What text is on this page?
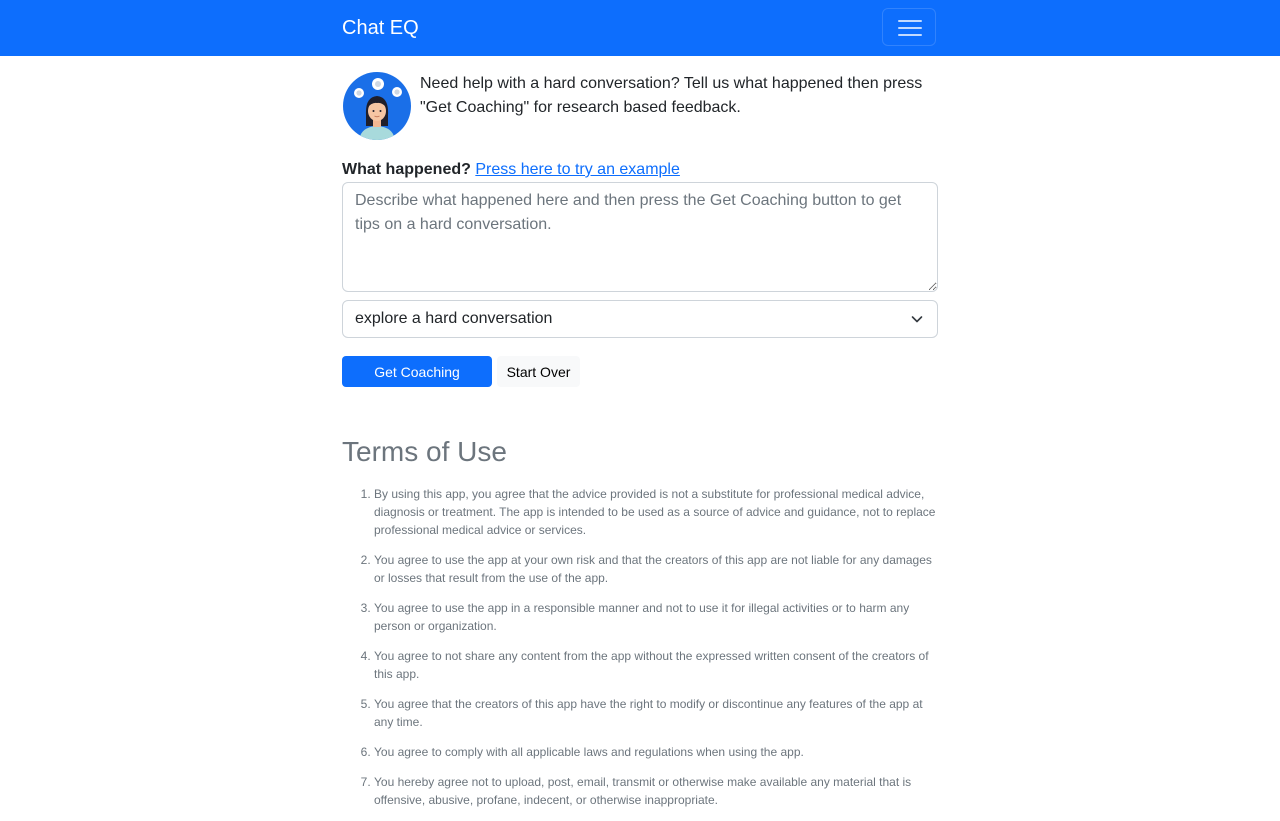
Chat EQ
Need help with a hard conversation? Tell us what happened then press "Get Coaching" for research based feedback.
What happened? Press here to try an example
Describe what happened here and then press the Get Coaching button to get tips on a hard conversation.
explore a hard conversation
Get Coaching	Start Over
Terms of Use
1. By using this app, you agree that the advice provided is not a substitute for professional medical advice, diagnosis or treatment. The app is intended to be used as a source of advice and guidance, not to replace professional medical advice or services.
2. You agree to use the app at your own risk and that the creators of this app are not liable for any damages or losses that result from the use of the app.
3. You agree to use the app in a responsible manner and not to use it for illegal activities or to harm any person or organization.
4. You agree to not share any content from the app without the expressed written consent of the creators of this app.
5. You agree that the creators of this app have the right to modify or discontinue any features of the app at any time.
6. You agree to comply with all applicable laws and regulations when using the app.
7. You hereby agree not to upload, post, email, transmit or otherwise make available any material that is offensive, abusive, profane, indecent, or otherwise inappropriate.
